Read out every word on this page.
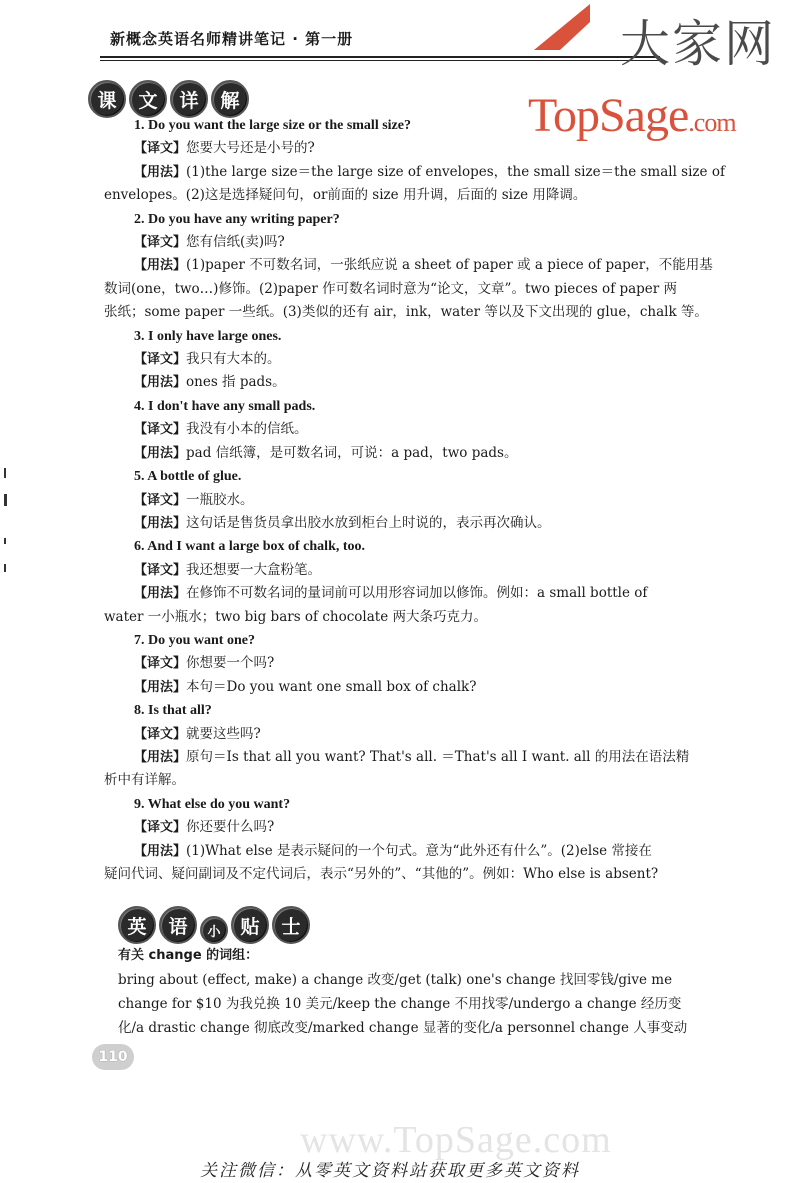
新概念英语名师精讲笔记 · 第一册	大家网
TopSage.com
课	文	详	解
1. Do you want the large size or the small size?
【译文】您要大号还是小号的?
【用法】(1)the large size＝the large size of envelopes，the small size＝the small size of
envelopes。(2)这是选择疑问句，or前面的 size 用升调，后面的 size 用降调。
2. Do you have any writing paper?
【译文】您有信纸(卖)吗?
【用法】(1)paper 不可数名词，一张纸应说 a sheet of paper 或 a piece of paper，不能用基
数词(one，two…)修饰。(2)paper 作可数名词时意为“论文，文章”。two pieces of paper 两
张纸；some paper 一些纸。(3)类似的还有 air，ink，water 等以及下文出现的 glue，chalk 等。
3. I only have large ones.
【译文】我只有大本的。
【用法】ones 指 pads。
4. I don't have any small pads.
【译文】我没有小本的信纸。
【用法】pad 信纸簿，是可数名词，可说：a pad，two pads。
5. A bottle of glue.
【译文】一瓶胶水。
【用法】这句话是售货员拿出胶水放到柜台上时说的，表示再次确认。
6. And I want a large box of chalk, too.
【译文】我还想要一大盒粉笔。
【用法】在修饰不可数名词的量词前可以用形容词加以修饰。例如：a small bottle of
water 一小瓶水；two big bars of chocolate 两大条巧克力。
7. Do you want one?
【译文】你想要一个吗?
【用法】本句＝Do you want one small box of chalk?
8. Is that all?
【译文】就要这些吗?
【用法】原句＝Is that all you want? That's all. ＝That's all I want. all 的用法在语法精
析中有详解。
9. What else do you want?
【译文】你还要什么吗?
【用法】(1)What else 是表示疑问的一个句式。意为“此外还有什么”。(2)else 常接在
疑问代词、疑问副词及不定代词后，表示“另外的”、“其他的”。例如：Who else is absent?
英	语	小	贴	士
有关 change 的词组：
bring about (effect, make) a change 改变/get (talk) one's change 找回零钱/give me
change for $10 为我兑换 10 美元/keep the change 不用找零/undergo a change 经历变
化/a drastic change 彻底改变/marked change 显著的变化/a personnel change 人事变动
110
www.TopSage.com
关注微信：从零英文资料站获取更多英文资料
